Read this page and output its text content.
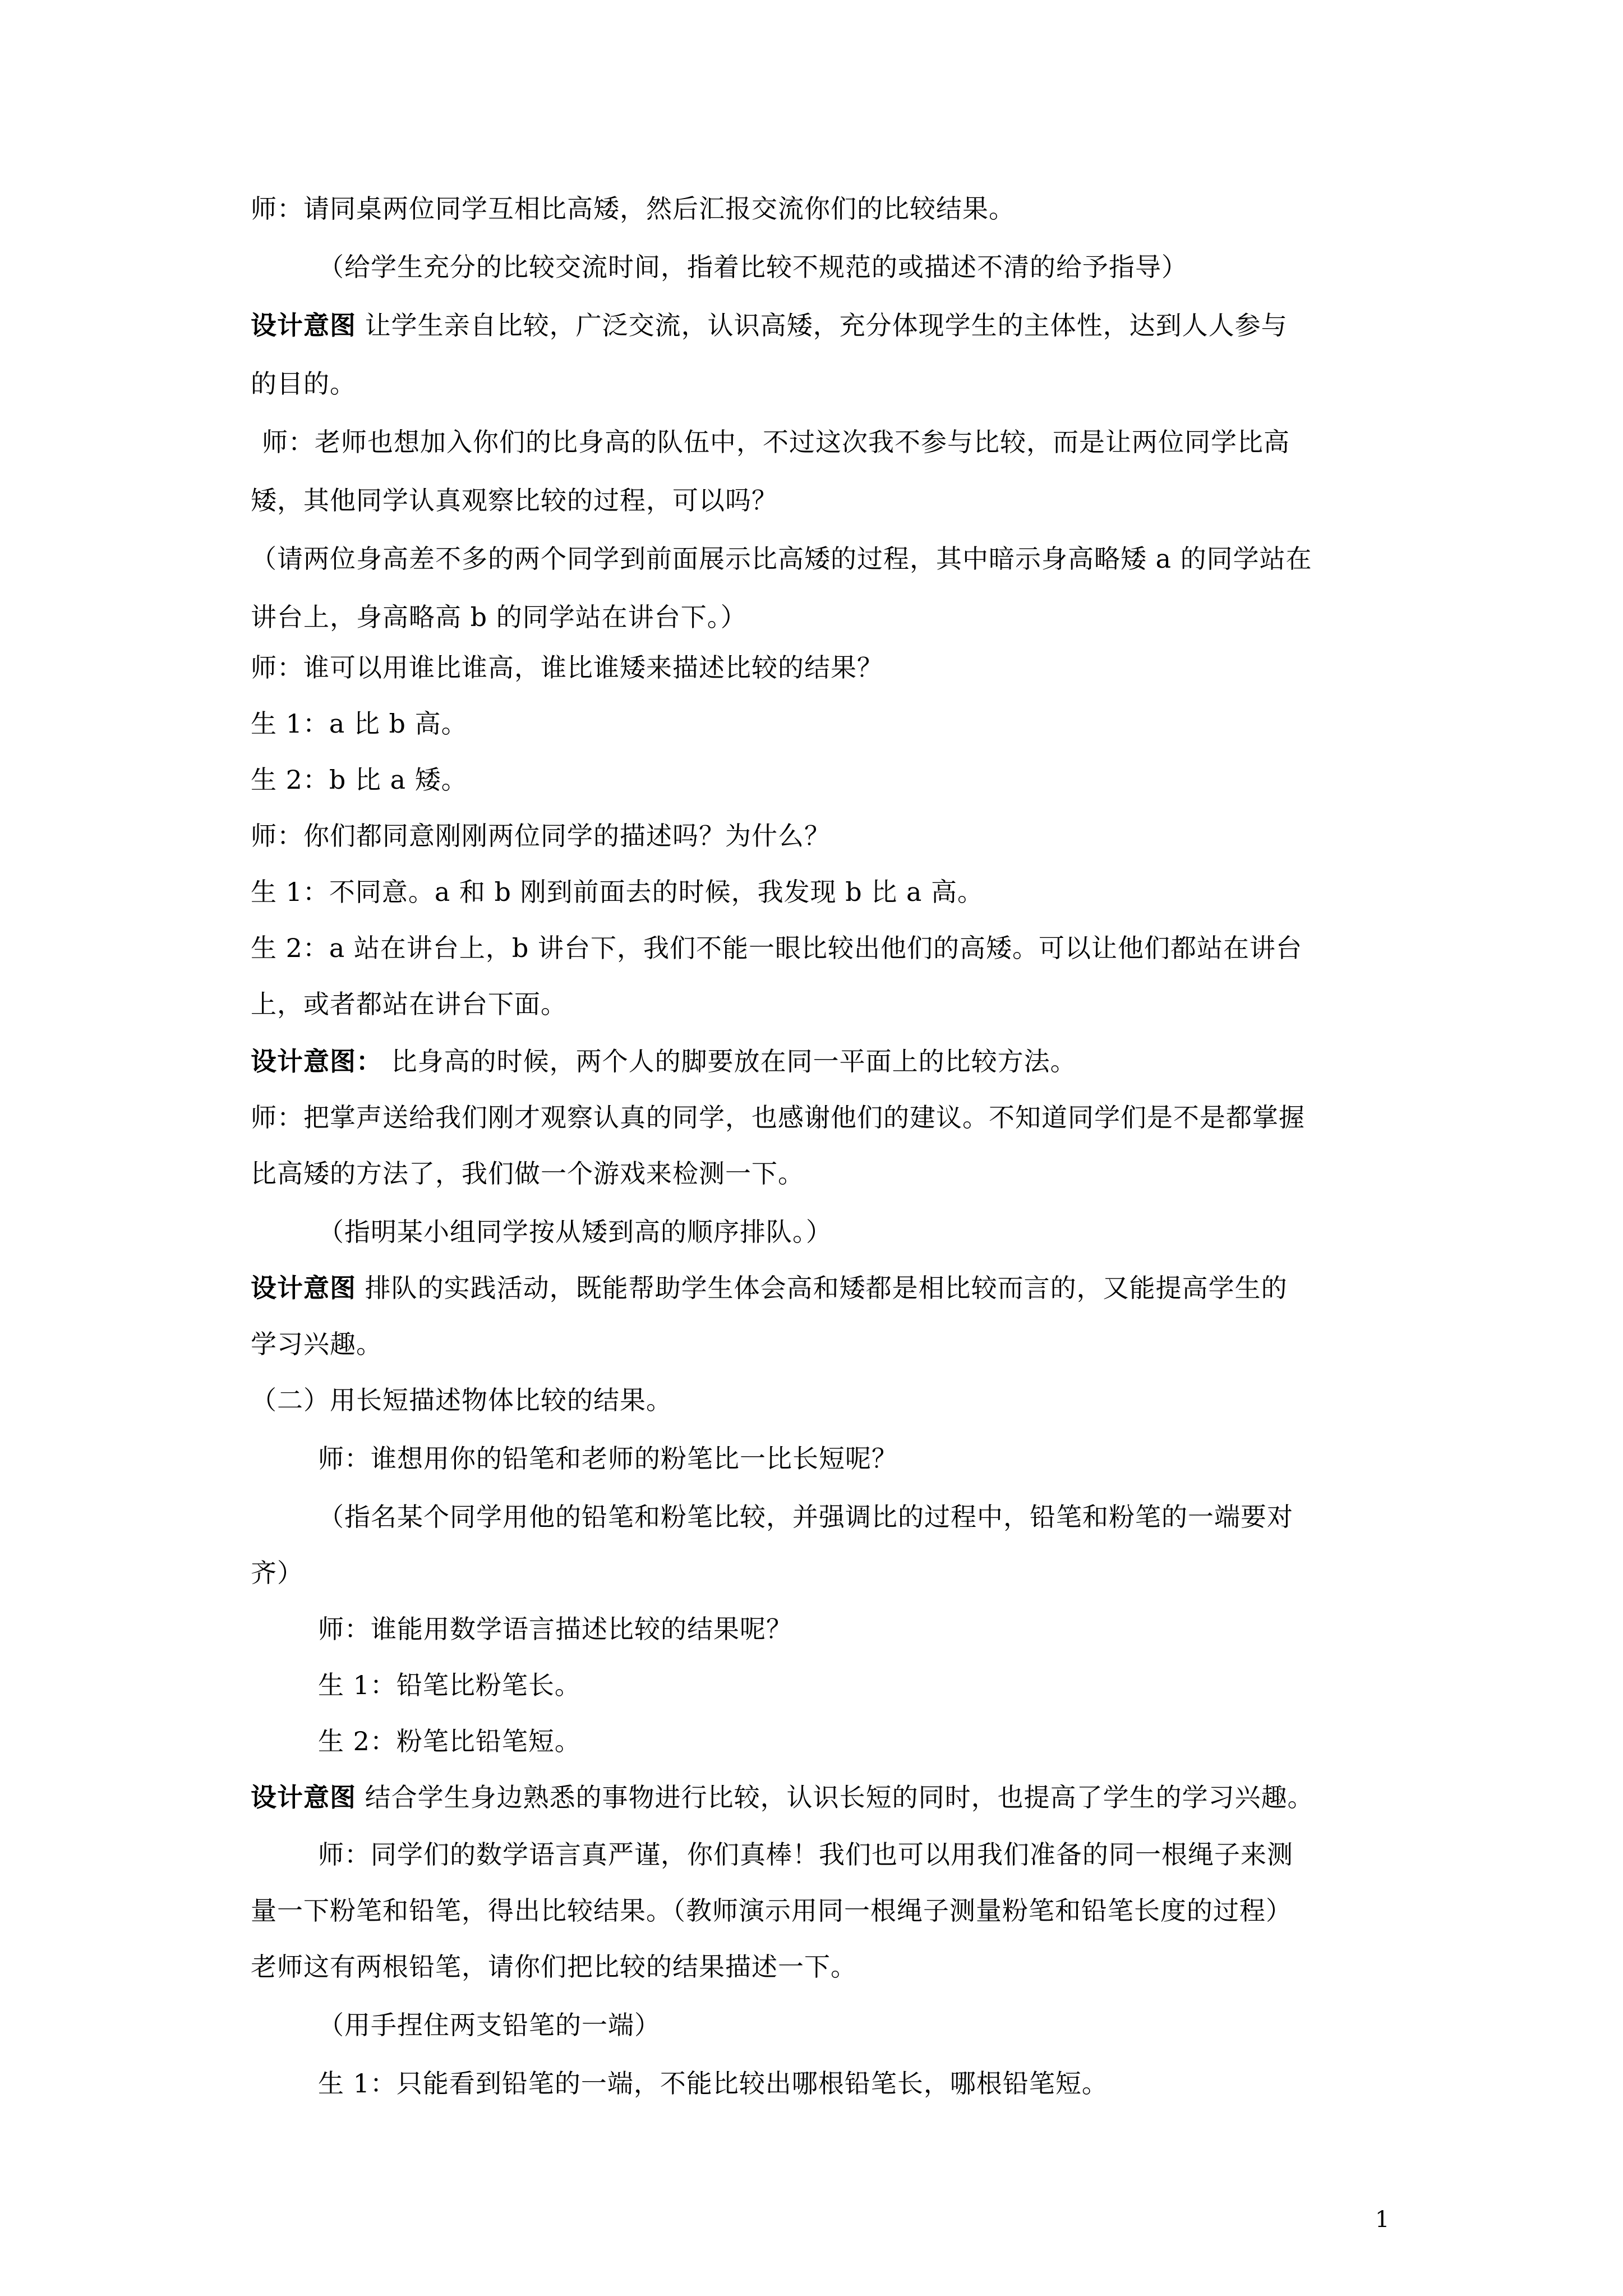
师：请同桌两位同学互相比高矮，然后汇报交流你们的比较结果。
（给学生充分的比较交流时间，指着比较不规范的或描述不清的给予指导）
设计意图 让学生亲自比较，广泛交流，认识高矮，充分体现学生的主体性，达到人人参与
的目的。
师：老师也想加入你们的比身高的队伍中，不过这次我不参与比较，而是让两位同学比高
矮，其他同学认真观察比较的过程，可以吗？
（请两位身高差不多的两个同学到前面展示比高矮的过程，其中暗示身高略矮 a 的同学站在
讲台上，身高略高 b 的同学站在讲台下。）
师：谁可以用谁比谁高，谁比谁矮来描述比较的结果？
生 1：a 比 b 高。
生 2：b 比 a 矮。
师：你们都同意刚刚两位同学的描述吗？为什么？
生 1：不同意。a 和 b 刚到前面去的时候，我发现 b 比 a 高。
生 2：a 站在讲台上，b 讲台下，我们不能一眼比较出他们的高矮。可以让他们都站在讲台
上，或者都站在讲台下面。
设计意图： 比身高的时候，两个人的脚要放在同一平面上的比较方法。
师：把掌声送给我们刚才观察认真的同学，也感谢他们的建议。不知道同学们是不是都掌握
比高矮的方法了，我们做一个游戏来检测一下。
（指明某小组同学按从矮到高的顺序排队。）
设计意图 排队的实践活动，既能帮助学生体会高和矮都是相比较而言的，又能提高学生的
学习兴趣。
（二）用长短描述物体比较的结果。
师：谁想用你的铅笔和老师的粉笔比一比长短呢？
（指名某个同学用他的铅笔和粉笔比较，并强调比的过程中，铅笔和粉笔的一端要对
齐）
师：谁能用数学语言描述比较的结果呢？
生 1：铅笔比粉笔长。
生 2：粉笔比铅笔短。
设计意图 结合学生身边熟悉的事物进行比较，认识长短的同时，也提高了学生的学习兴趣。
师：同学们的数学语言真严谨，你们真棒！我们也可以用我们准备的同一根绳子来测
量一下粉笔和铅笔，得出比较结果。（教师演示用同一根绳子测量粉笔和铅笔长度的过程）
老师这有两根铅笔，请你们把比较的结果描述一下。
（用手捏住两支铅笔的一端）
生 1：只能看到铅笔的一端，不能比较出哪根铅笔长，哪根铅笔短。
1
